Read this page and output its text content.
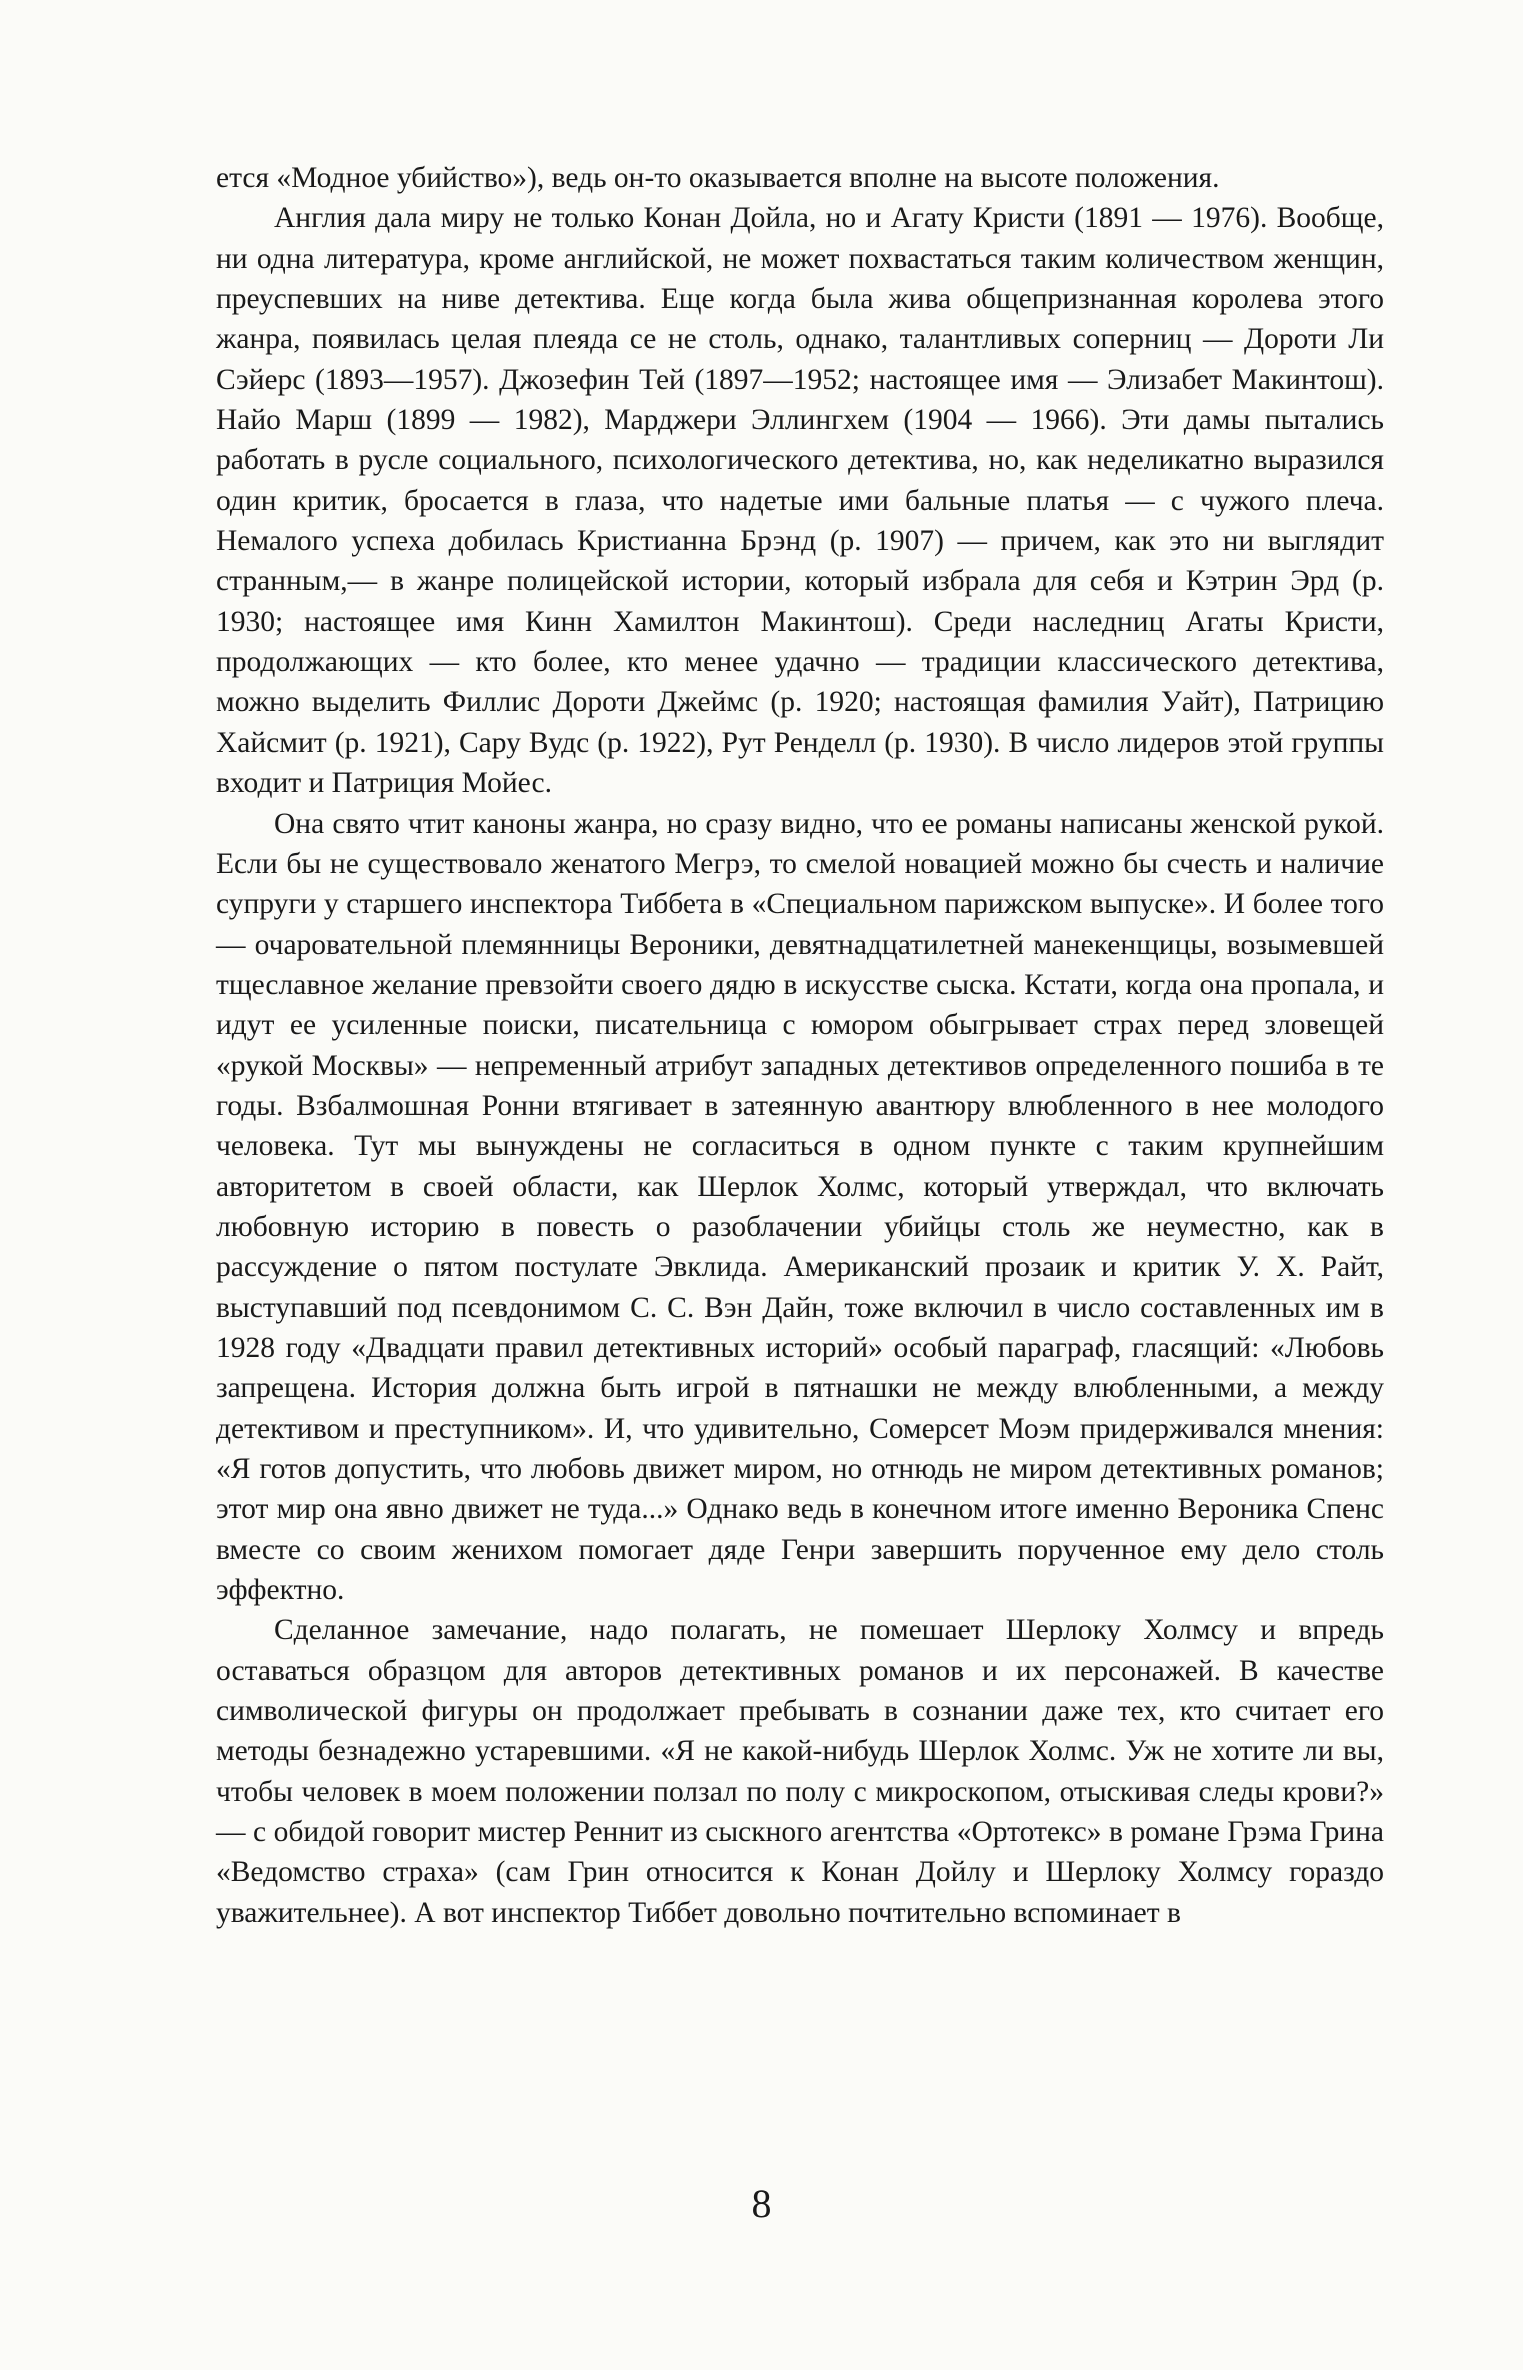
ется «Модное убийство»), ведь он-то оказывается вполне на высоте положения.

Англия дала миру не только Конан Дойла, но и Агату Кристи (1891 — 1976). Вообще, ни одна литература, кроме английской, не может похвастаться таким количеством женщин, преуспевших на ниве детектива. Еще когда была жива общепризнанная королева этого жанра, появилась целая плеяда се не столь, однако, талантливых соперниц — Дороти Ли Сэйерс (1893—1957). Джозефин Тей (1897—1952; настоящее имя — Элизабет Макинтош). Найо Марш (1899 — 1982), Марджери Эллингхем (1904 — 1966). Эти дамы пытались работать в русле социального, психологического детектива, но, как неделикатно выразился один критик, бросается в глаза, что надетые ими бальные платья — с чужого плеча. Немалого успеха добилась Кристианна Брэнд (р. 1907) — причем, как это ни выглядит странным,— в жанре полицейской истории, который избрала для себя и Кэтрин Эрд (р. 1930; настоящее имя Кинн Хамилтон Макинтош). Среди наследниц Агаты Кристи, продолжающих — кто более, кто менее удачно — традиции классического детектива, можно выделить Филлис Дороти Джеймс (р. 1920; настоящая фамилия Уайт), Патрицию Хайсмит (р. 1921), Сару Вудс (р. 1922), Рут Ренделл (р. 1930). В число лидеров этой группы входит и Патриция Мойес.

Она свято чтит каноны жанра, но сразу видно, что ее романы написаны женской рукой. Если бы не существовало женатого Мегрэ, то смелой новацией можно бы счесть и наличие супруги у старшего инспектора Тиббета в «Специальном парижском выпуске». И более того — очаровательной племянницы Вероники, девятнадцатилетней манекенщицы, возымевшей тщеславное желание превзойти своего дядю в искусстве сыска. Кстати, когда она пропала, и идут ее усиленные поиски, писательница с юмором обыгрывает страх перед зловещей «рукой Москвы» — непременный атрибут западных детективов определенного пошиба в те годы. Взбалмошная Ронни втягивает в затеянную авантюру влюбленного в нее молодого человека. Тут мы вынуждены не согласиться в одном пункте с таким крупнейшим авторитетом в своей области, как Шерлок Холмс, который утверждал, что включать любовную историю в повесть о разоблачении убийцы столь же неуместно, как в рассуждение о пятом постулате Эвклида. Американский прозаик и критик У. Х. Райт, выступавший под псевдонимом С. С. Вэн Дайн, тоже включил в число составленных им в 1928 году «Двадцати правил детективных историй» особый параграф, гласящий: «Любовь запрещена. История должна быть игрой в пятнашки не между влюбленными, а между детективом и преступником». И, что удивительно, Сомерсет Моэм придерживался мнения: «Я готов допустить, что любовь движет миром, но отнюдь не миром детективных романов; этот мир она явно движет не туда...» Однако ведь в конечном итоге именно Вероника Спенс вместе со своим женихом помогает дяде Генри завершить порученное ему дело столь эффектно.

Сделанное замечание, надо полагать, не помешает Шерлоку Холмсу и впредь оставаться образцом для авторов детективных романов и их персонажей. В качестве символической фигуры он продолжает пребывать в сознании даже тех, кто считает его методы безнадежно устаревшими. «Я не какой-нибудь Шерлок Холмс. Уж не хотите ли вы, чтобы человек в моем положении ползал по полу с микроскопом, отыскивая следы крови?» — с обидой говорит мистер Реннит из сыскного агентства «Ортотекс» в романе Грэма Грина «Ведомство страха» (сам Грин относится к Конан Дойлу и Шерлоку Холмсу гораздо уважительнее). А вот инспектор Тиббет довольно почтительно вспоминает в

8
